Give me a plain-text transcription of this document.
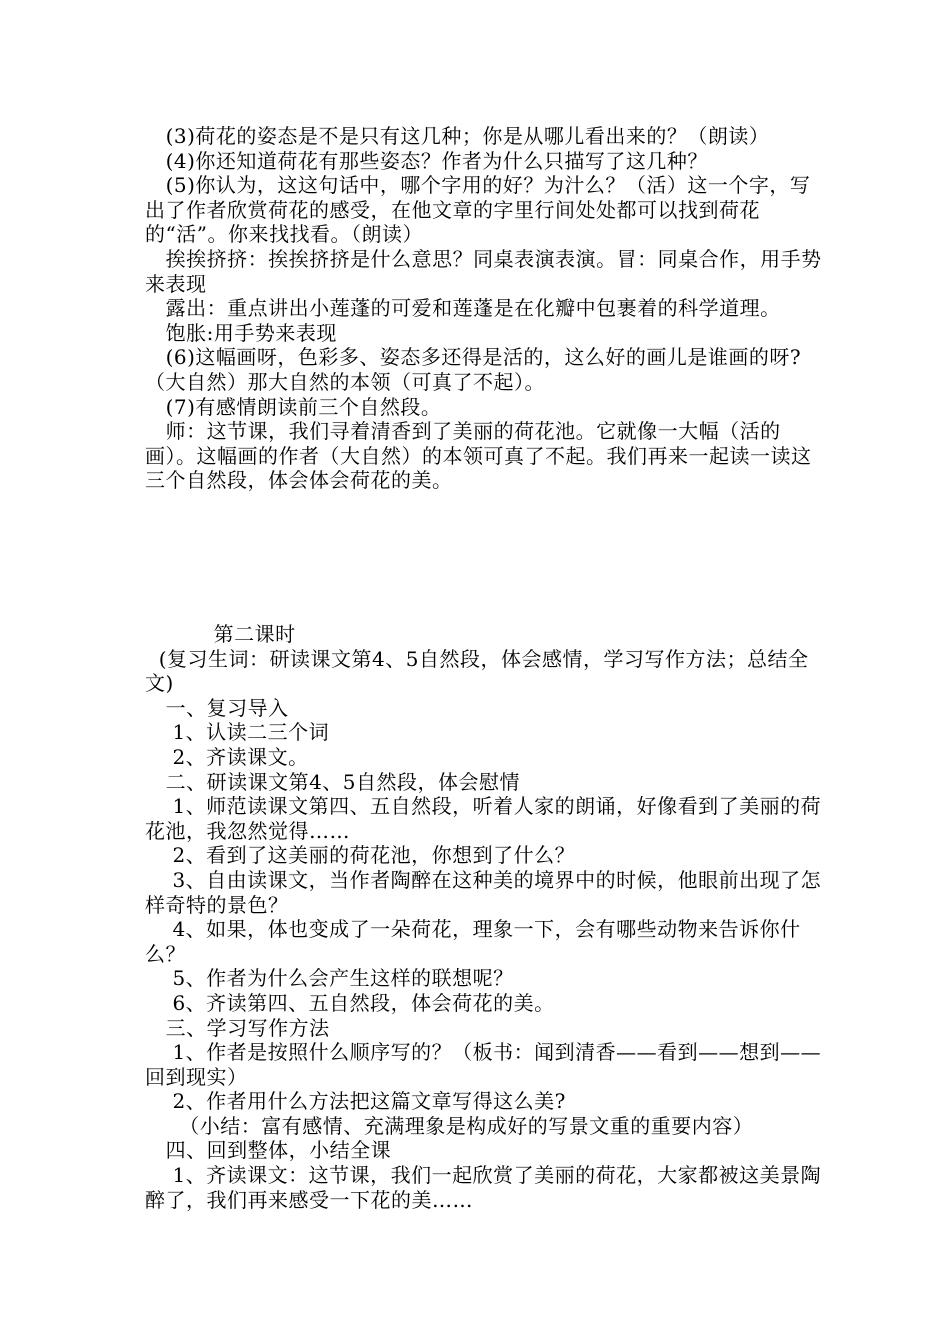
(3)荷花的姿态是不是只有这几种；你是从哪儿看出来的？（朗读）

(4)你还知道荷花有那些姿态？作者为什么只描写了这几种？

(5)你认为，这这句话中，哪个字用的好？为汁么？（活）这一个字，写出了作者欣赏荷花的感受，在他文章的字里行间处处都可以找到荷花的“活”。你来找找看。（朗读）

挨挨挤挤：挨挨挤挤是什么意思？同桌表演表演。冒：同桌合作，用手势来表现

露出：重点讲出小莲蓬的可爱和莲蓬是在化瓣中包裹着的科学道理。

饱胀:用手势来表现

(6)这幅画呀，色彩多、姿态多还得是活的，这么好的画儿是谁画的呀?（大自然）那大自然的本领（可真了不起）。

(7)有感情朗读前三个自然段。

师：这节课，我们寻着清香到了美丽的荷花池。它就像一大幅（活的画）。这幅画的作者（大自然）的本领可真了不起。我们再来一起读一读这三个自然段，体会体会荷花的美。

第二课时

(复习生词：研读课文第4、5自然段，体会感情，学习写作方法；总结全文)

一、复习导入

1、认读二三个词

2、齐读课文。

二、研读课文第4、5自然段，体会慰情

1、师范读课文第四、五自然段，听着人家的朗诵，好像看到了美丽的荷花池，我忽然觉得……

2、看到了这美丽的荷花池，你想到了什么？

3、自由读课文，当作者陶醉在这种美的境界中的时候，他眼前出现了怎样奇特的景色？

4、如果，体也变成了一朵荷花，理象一下，会有哪些动物来告诉你什么？

5、作者为什么会产生这样的联想呢？

6、齐读第四、五自然段，体会荷花的美。

三、学习写作方法

1、作者是按照什么顺序写的？（板书：闻到清香——看到——想到——回到现实）

2、作者用什么方法把这篇文章写得这么美?

（小结：富有感情、充满理象是构成好的写景文重的重要内容）

四、回到整体，小结全课

1、齐读课文：这节课，我们一起欣赏了美丽的荷花，大家都被这美景陶醉了，我们再来感受一下花的美……
